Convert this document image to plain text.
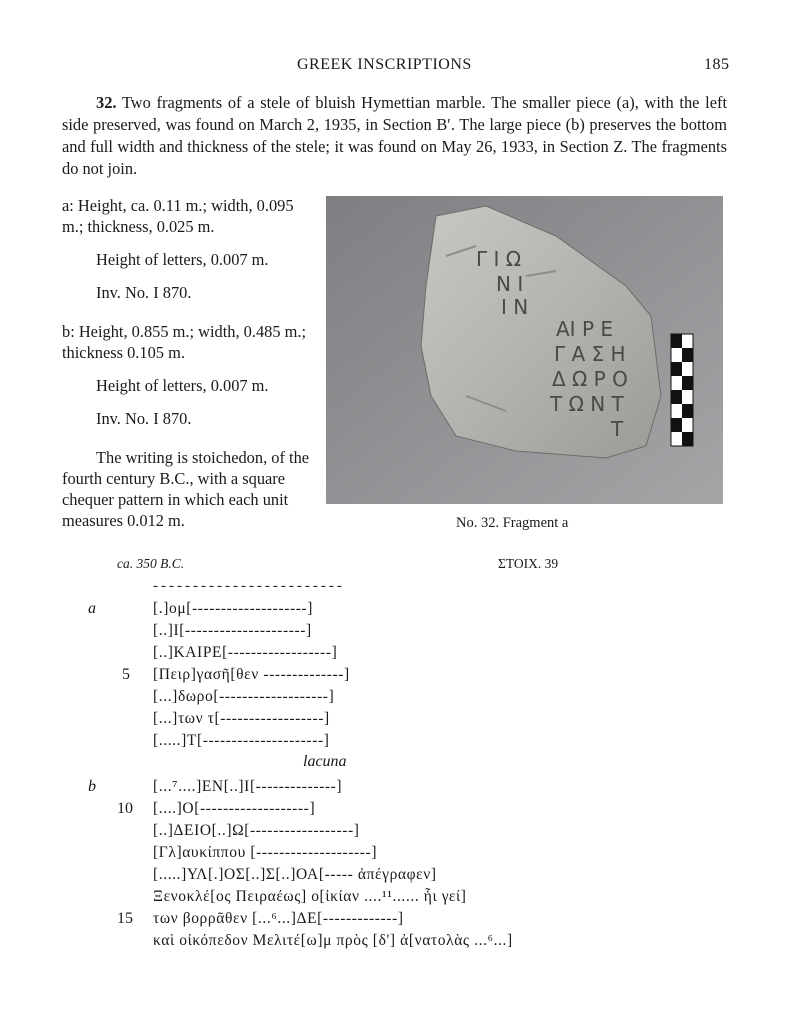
GREEK INSCRIPTIONS	185
32. Two fragments of a stele of bluish Hymettian marble. The smaller piece (a), with the left side preserved, was found on March 2, 1935, in Section Bʹ. The large piece (b) preserves the bottom and full width and thickness of the stele; it was found on May 26, 1933, in Section Z. The fragments do not join.

a: Height, ca. 0.11 m.; width, 0.095 m.; thickness, 0.025 m.

Height of letters, 0.007 m.

Inv. No. I 870.

b: Height, 0.855 m.; width, 0.485 m.; thickness 0.105 m.

Height of letters, 0.007 m.

Inv. No. I 870.

The writing is stoichedon, of the fourth century B.C., with a square chequer pattern in which each unit measures 0.012 m.

Γ Ι Ω
Ν Ι
Ι Ν
ΑΙ Ρ Ε
Γ Α Σ Η
Δ Ω Ρ Ο
Τ Ω Ν Τ
Τ
No. 32. Fragment a
ca. 350 B.C.	ΣΤΟΙΧ. 39
------------------------
a
b
lacuna
[.]ομ[--------------------]
[..]Ι[---------------------]
[..]ΚΑΙΡΕ[------------------]
5 [Πειρ]γασῆ[θεν --------------]
[...]δωρο[-------------------]
[...]των τ[------------------]
[.....]Τ[---------------------]
[...⁷....]ΕΝ[..]Ι[--------------]
10 [....]Ο[-------------------]
[..]ΔΕΙΟ[..]Ω[------------------]
[Γλ]αυκίππου [--------------------]
[.....]ΥΛ[.]ΟΣ[..]Σ[..]ΟΑ[----- ἀπέγραφεν]
Ξενοκλέ[ος Πειραέως] ο[ἰκίαν ....¹¹...... ἧι γεί]
15 των βορρᾶθεν [...⁶...]ΔΕ[-------------]
καὶ οἰκόπεδον Μελιτέ[ω]μ πρὸς [δ'] ἀ[νατολὰς ...⁶...]
